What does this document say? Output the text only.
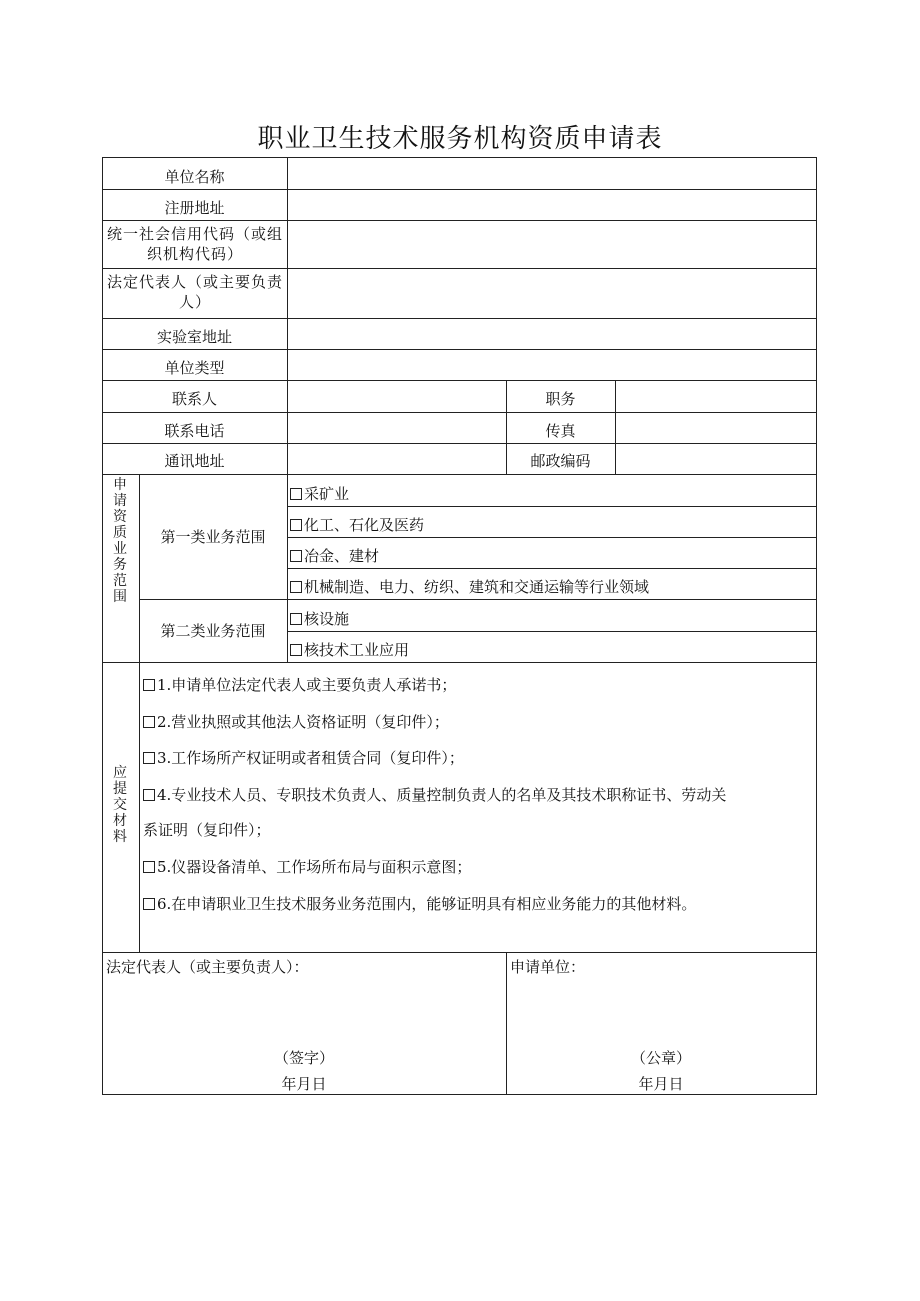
职业卫生技术服务机构资质申请表
单位名称
注册地址
统一社会信用代码（或组织机构代码）
法定代表人（或主要负责人）
实验室地址
单位类型
联系人
联系电话
通讯地址
职务
传真
邮政编码
申请资质业务范围
第一类业务范围
第二类业务范围
采矿业
化工、石化及医药
冶金、建材
机械制造、电力、纺织、建筑和交通运输等行业领域
核设施
核技术工业应用
应提交材料
1.申请单位法定代表人或主要负责人承诺书；
2.营业执照或其他法人资格证明（复印件）；
3.工作场所产权证明或者租赁合同（复印件）；
4.专业技术人员、专职技术负责人、质量控制负责人的名单及其技术职称证书、劳动关
系证明（复印件）；
5.仪器设备清单、工作场所布局与面积示意图；
6.在申请职业卫生技术服务业务范围内，能够证明具有相应业务能力的其他材料。
法定代表人（或主要负责人）：
（签字）
年月日
申请单位：
（公章）
年月日
